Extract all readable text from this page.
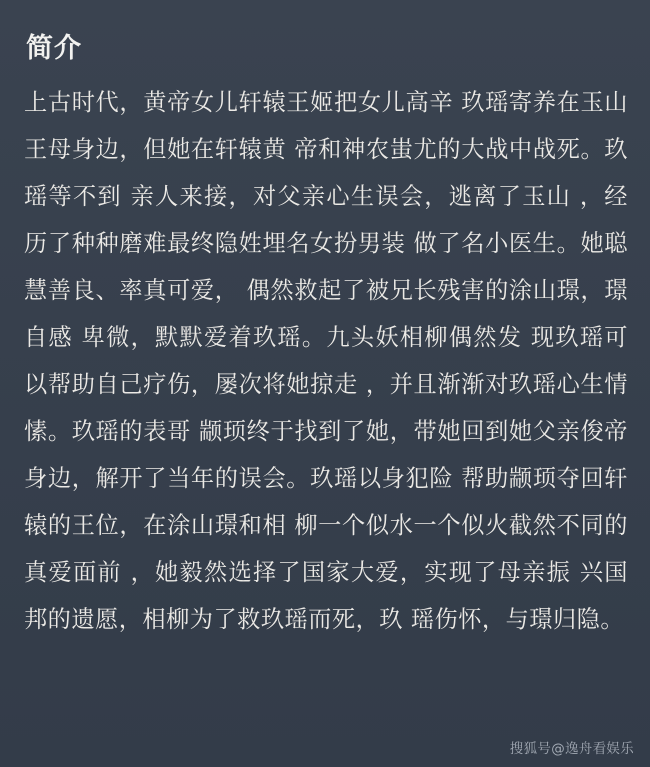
简介

上古时代，黄帝女儿轩辕王姬把女儿高辛 玖瑶寄养在玉山王母身边，但她在轩辕黄 帝和神农蚩尤的大战中战死。玖瑶等不到 亲人来接，对父亲心生误会，逃离了玉山 ，经历了种种磨难最终隐姓埋名女扮男装 做了名小医生。她聪慧善良、率真可爱， 偶然救起了被兄长残害的涂山璟，璟自感 卑微，默默爱着玖瑶。九头妖相柳偶然发 现玖瑶可以帮助自己疗伤，屡次将她掠走 ，并且渐渐对玖瑶心生情愫。玖瑶的表哥 颛顼终于找到了她，带她回到她父亲俊帝 身边，解开了当年的误会。玖瑶以身犯险 帮助颛顼夺回轩辕的王位，在涂山璟和相 柳一个似水一个似火截然不同的真爱面前 ，她毅然选择了国家大爱，实现了母亲振 兴国邦的遗愿，相柳为了救玖瑶而死，玖 瑶伤怀，与璟归隐。

搜狐号@逸舟看娱乐
